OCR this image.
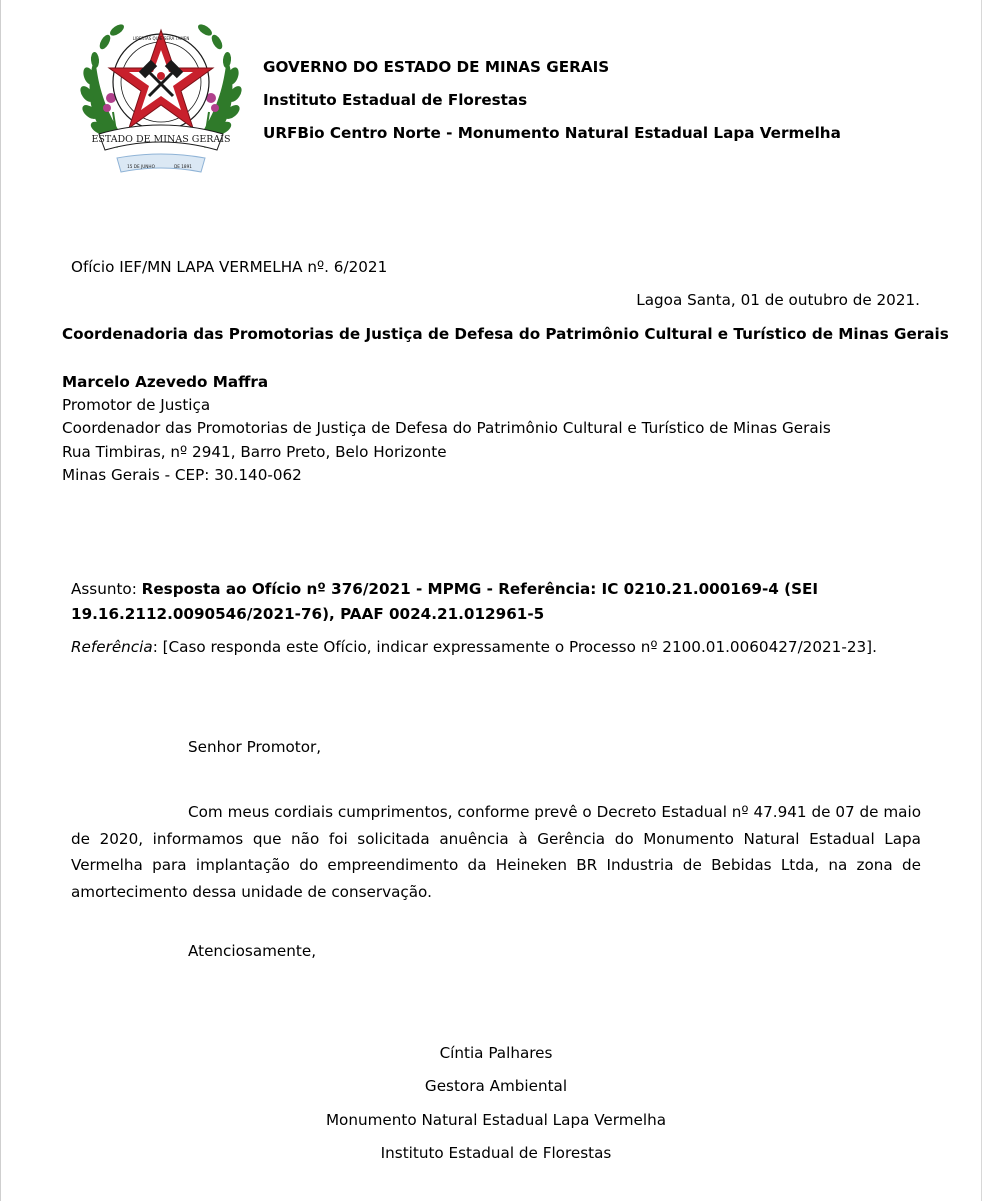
LIBERTAS QUÆ SERA TAMEN
ESTADO DE MINAS GERAIS
15 DE JUNHO	DE 1891
GOVERNO DO ESTADO DE MINAS GERAIS
Instituto Estadual de Florestas
URFBio Centro Norte - Monumento Natural Estadual Lapa Vermelha
Ofício IEF/MN LAPA VERMELHA nº. 6/2021
Lagoa Santa, 01 de outubro de 2021.
Coordenadoria das Promotorias de Justiça de Defesa do Patrimônio Cultural e Turístico de Minas Gerais
Marcelo Azevedo Maffra
Promotor de Justiça
Coordenador das Promotorias de Justiça de Defesa do Patrimônio Cultural e Turístico de Minas Gerais
Rua Timbiras, nº 2941, Barro Preto, Belo Horizonte
Minas Gerais - CEP: 30.140-062
Assunto: Resposta ao Ofício nº 376/2021 - MPMG - Referência: IC 0210.21.000169-4 (SEI
19.16.2112.0090546/2021-76), PAAF 0024.21.012961-5
Referência: [Caso responda este Ofício, indicar expressamente o Processo nº 2100.01.0060427/2021-23].
Senhor Promotor,
Com meus cordiais cumprimentos, conforme prevê o Decreto Estadual nº 47.941 de 07 de maio de 2020, informamos que não foi solicitada anuência à Gerência do Monumento Natural Estadual Lapa Vermelha para implantação do empreendimento da Heineken BR Industria de Bebidas Ltda, na zona de amortecimento dessa unidade de conservação.
Atenciosamente,
Cíntia Palhares
Gestora Ambiental
Monumento Natural Estadual Lapa Vermelha
Instituto Estadual de Florestas
